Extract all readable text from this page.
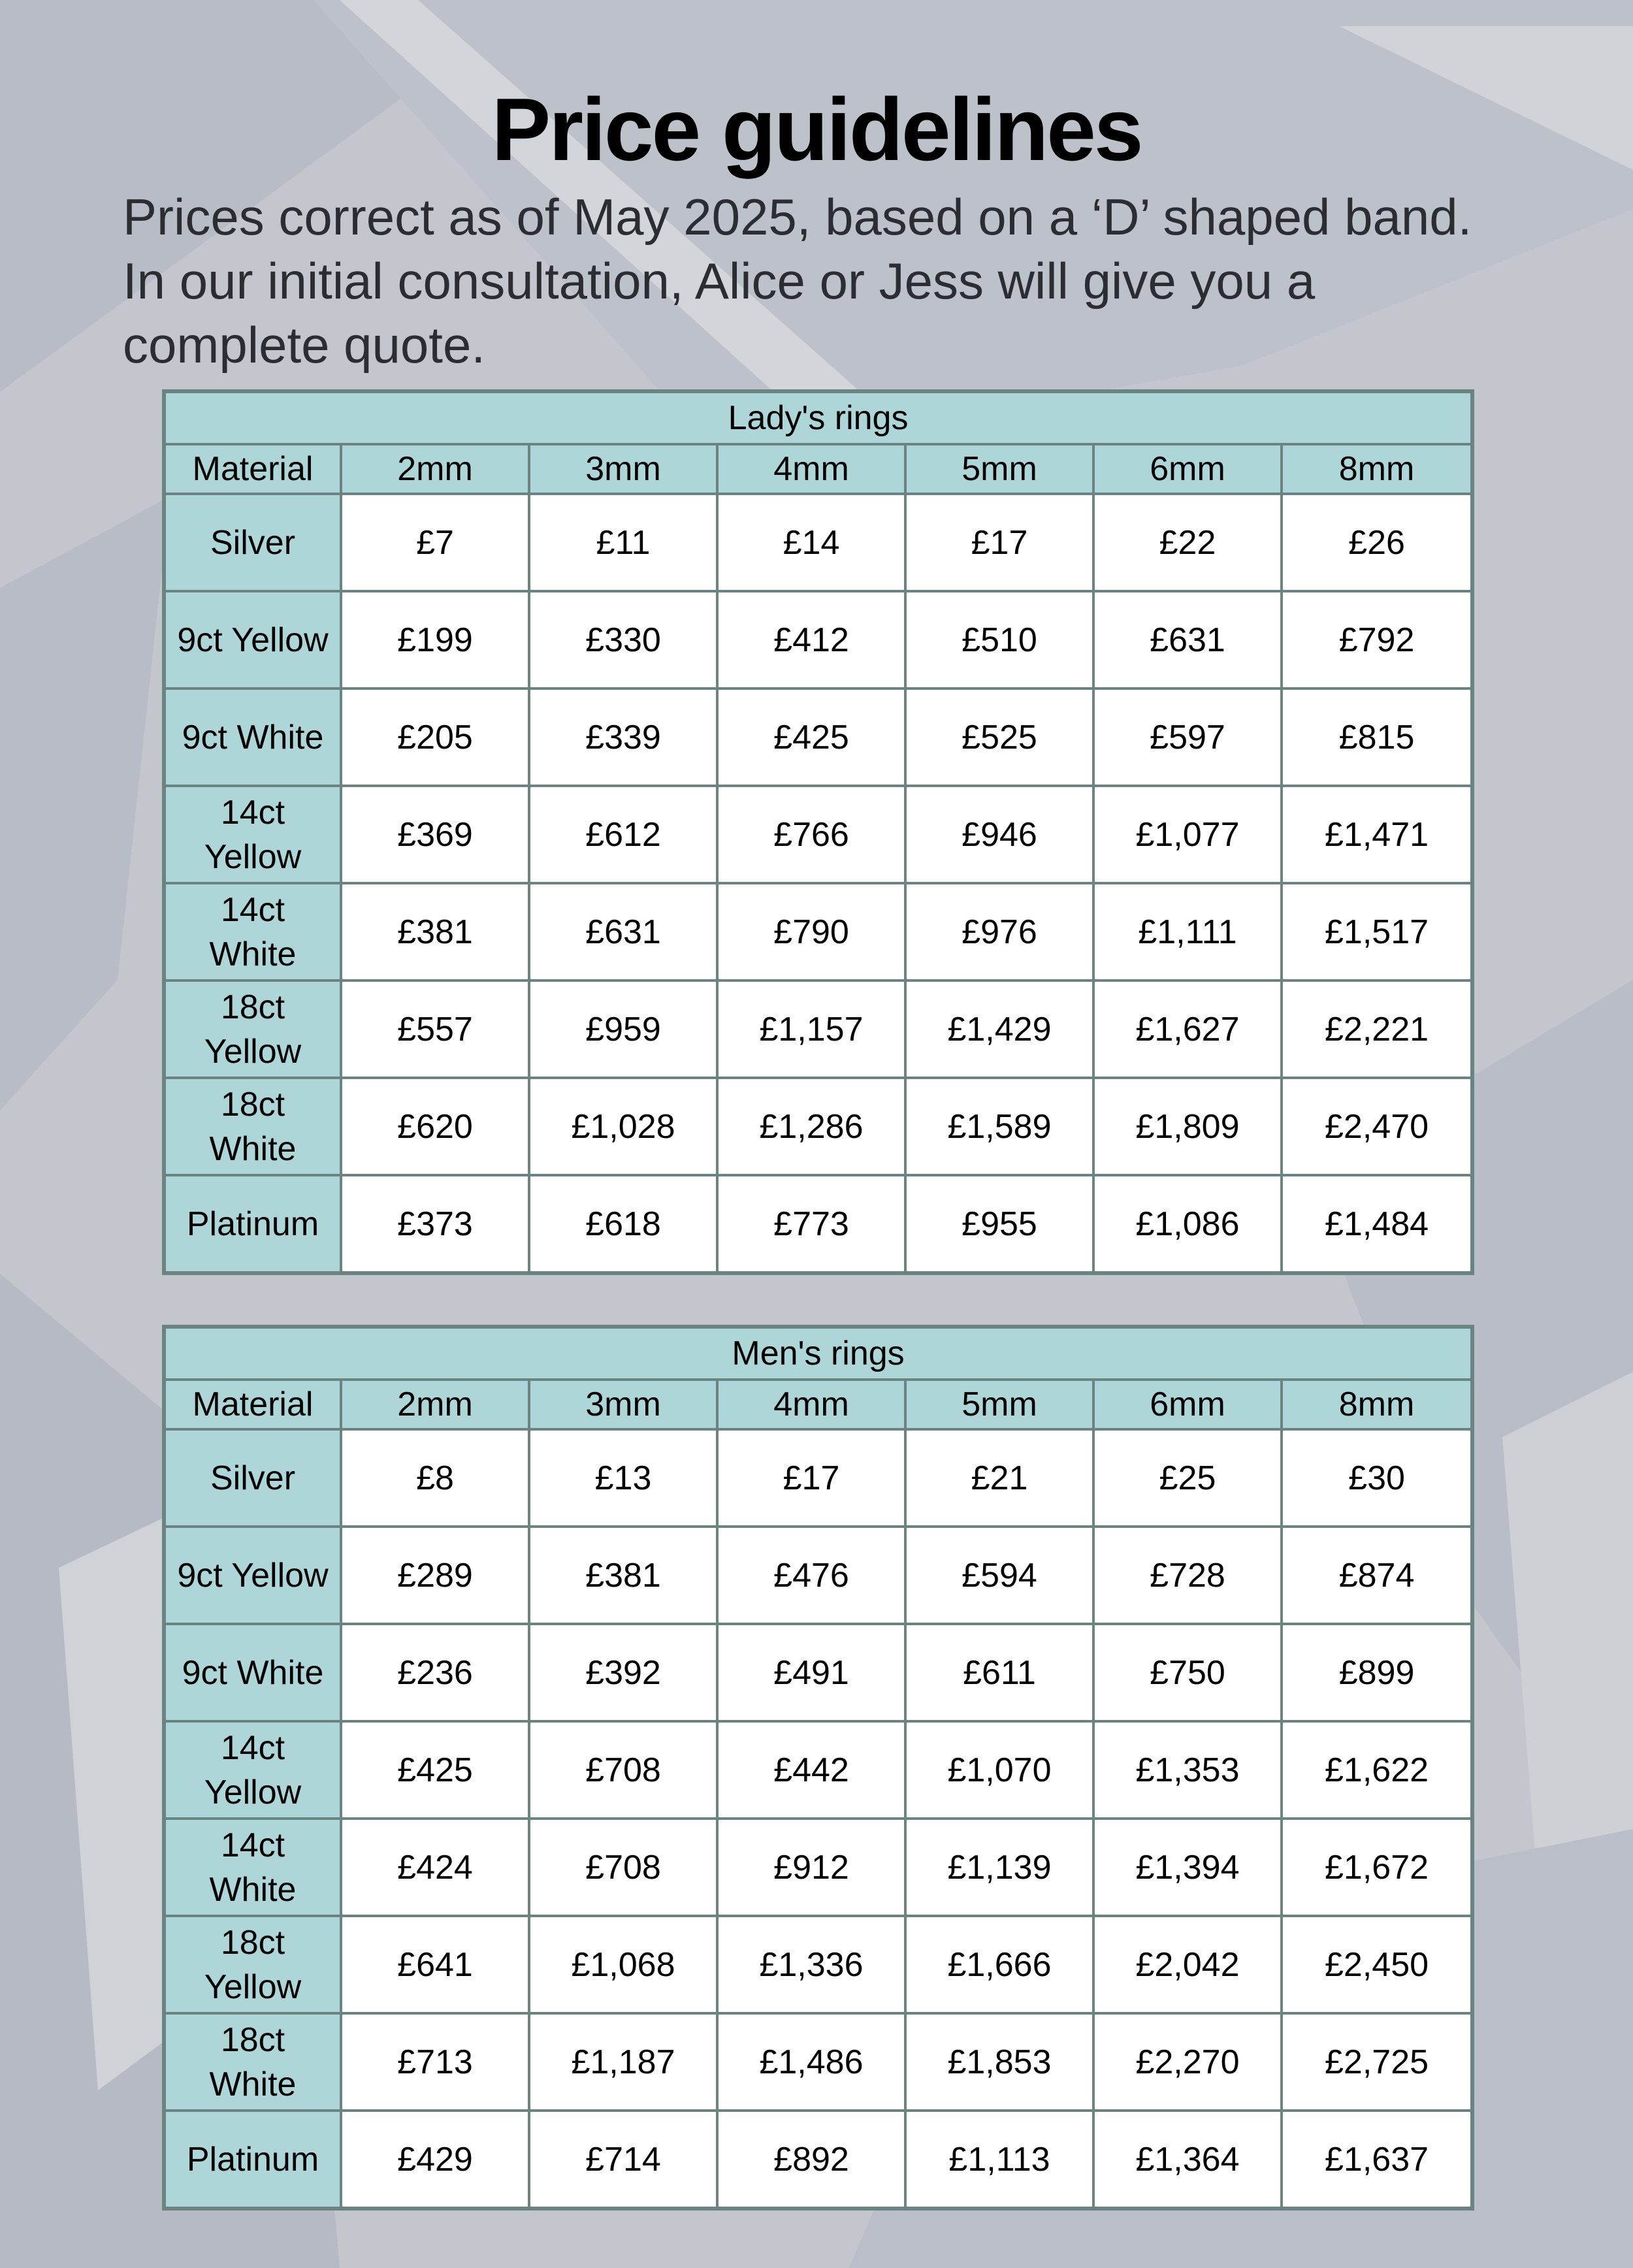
Price guidelines
Prices correct as of May 2025, based on a ‘D’ shaped band.
In our initial consultation, Alice or Jess will give you a
complete quote.
Lady's rings						
Material	2mm	3mm	4mm	5mm	6mm	8mm

Silver	£7	£11	£14	£17	£22	£26

9ct Yellow	£199	£330	£412	£510	£631	£792

9ct White	£205	£339	£425	£525	£597	£815

14ct Yellow	£369	£612	£766	£946	£1,077	£1,471

14ct White	£381	£631	£790	£976	£1,111	£1,517

18ct Yellow	£557	£959	£1,157	£1,429	£1,627	£2,221

18ct White	£620	£1,028	£1,286	£1,589	£1,809	£2,470

Platinum	£373	£618	£773	£955	£1,086	£1,484
Men's rings						
Material	2mm	3mm	4mm	5mm	6mm	8mm

Silver	£8	£13	£17	£21	£25	£30

9ct Yellow	£289	£381	£476	£594	£728	£874

9ct White	£236	£392	£491	£611	£750	£899

14ct Yellow	£425	£708	£442	£1,070	£1,353	£1,622

14ct White	£424	£708	£912	£1,139	£1,394	£1,672

18ct Yellow	£641	£1,068	£1,336	£1,666	£2,042	£2,450

18ct White	£713	£1,187	£1,486	£1,853	£2,270	£2,725

Platinum	£429	£714	£892	£1,113	£1,364	£1,637
